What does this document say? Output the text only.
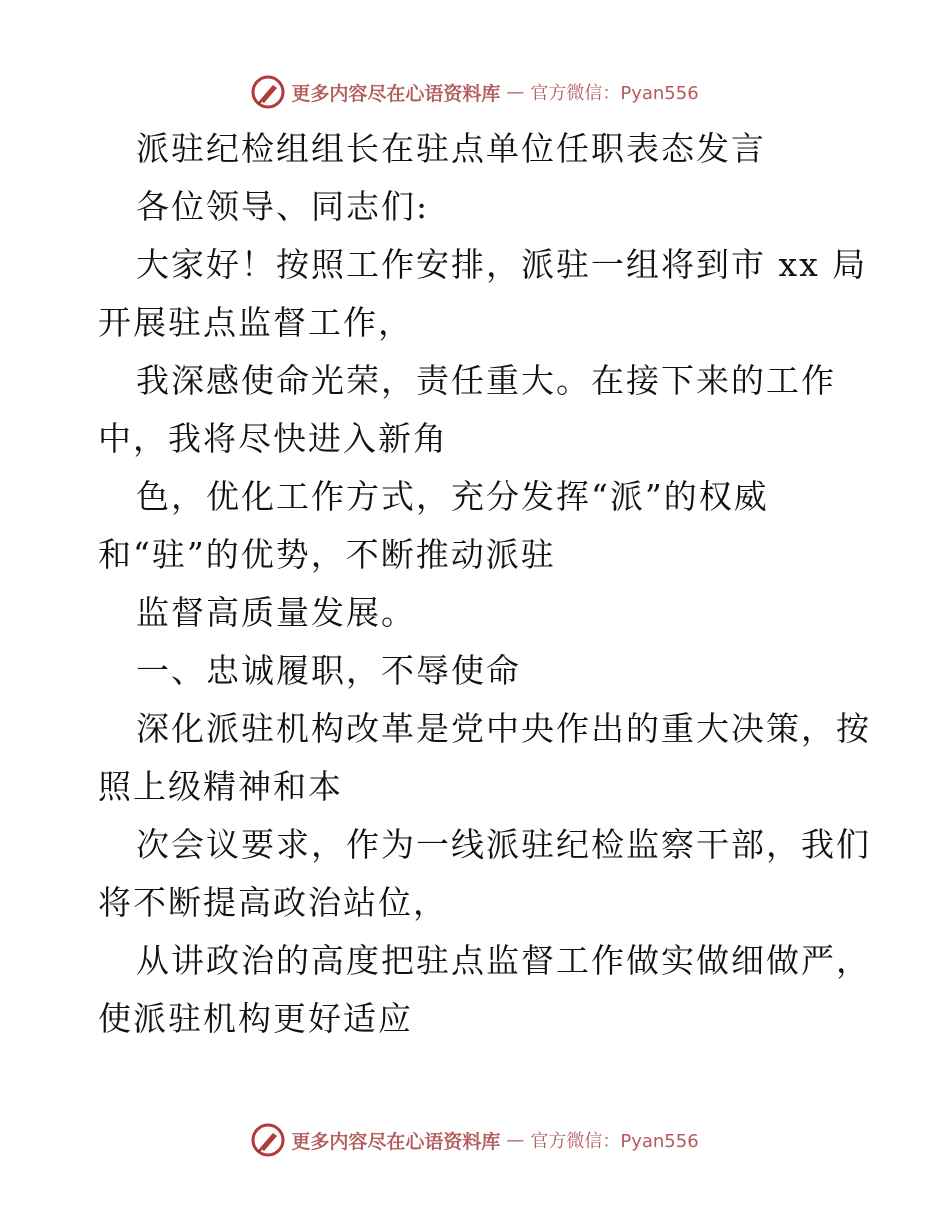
更多内容尽在心语资料库 — 官方微信：Pyan556
派驻纪检组组长在驻点单位任职表态发言
各位领导、同志们:
大家好！按照工作安排，派驻一组将到市 xx 局
开展驻点监督工作，
我深感使命光荣，责任重大。在接下来的工作
中，我将尽快进入新角
色，优化工作方式，充分发挥“派”的权威
和“驻”的优势，不断推动派驻
监督高质量发展。
一、忠诚履职，不辱使命
深化派驻机构改革是党中央作出的重大决策，按
照上级精神和本
次会议要求，作为一线派驻纪检监察干部，我们
将不断提高政治站位，
从讲政治的高度把驻点监督工作做实做细做严，
使派驻机构更好适应
更多内容尽在心语资料库 — 官方微信：Pyan556
